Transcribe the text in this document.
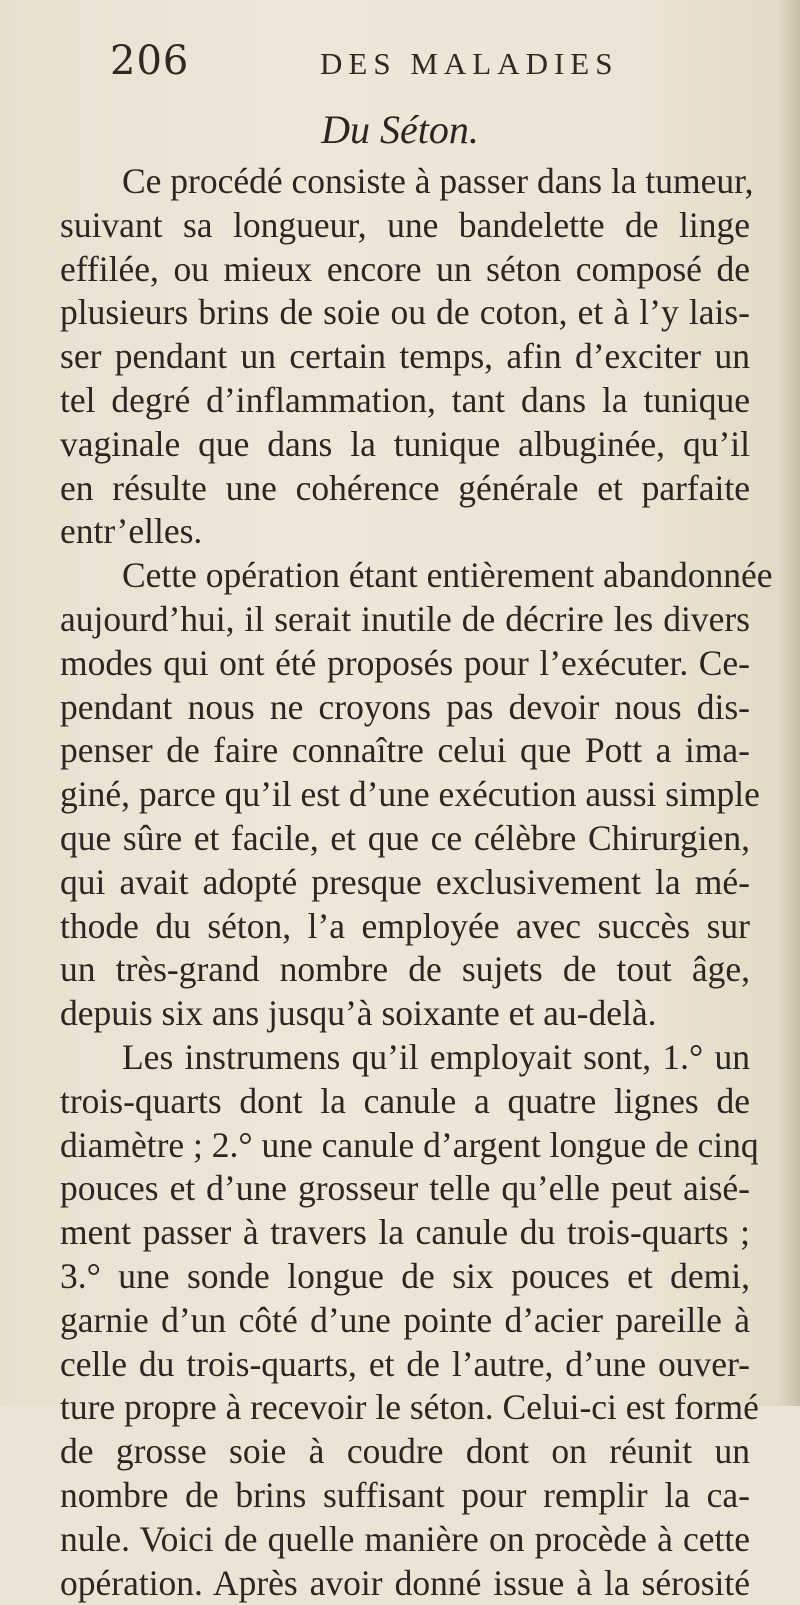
206	DES MALADIES
Du Séton.
Ce procédé consiste à passer dans la tumeur,
suivant sa longueur, une bandelette de linge
effilée, ou mieux encore un séton composé de
plusieurs brins de soie ou de coton, et à l’y lais-
ser pendant un certain temps, afin d’exciter un
tel degré d’inflammation, tant dans la tunique
vaginale que dans la tunique albuginée, qu’il
en résulte une cohérence générale et parfaite
entr’elles.
Cette opération étant entièrement abandonnée
aujourd’hui, il serait inutile de décrire les divers
modes qui ont été proposés pour l’exécuter. Ce-
pendant nous ne croyons pas devoir nous dis-
penser de faire connaître celui que Pott a ima-
giné, parce qu’il est d’une exécution aussi simple
que sûre et facile, et que ce célèbre Chirurgien,
qui avait adopté presque exclusivement la mé-
thode du séton, l’a employée avec succès sur
un très-grand nombre de sujets de tout âge,
depuis six ans jusqu’à soixante et au-delà.
Les instrumens qu’il employait sont, 1.° un
trois-quarts dont la canule a quatre lignes de
diamètre ; 2.° une canule d’argent longue de cinq
pouces et d’une grosseur telle qu’elle peut aisé-
ment passer à travers la canule du trois-quarts ;
3.° une sonde longue de six pouces et demi,
garnie d’un côté d’une pointe d’acier pareille à
celle du trois-quarts, et de l’autre, d’une ouver-
ture propre à recevoir le séton. Celui-ci est formé
de grosse soie à coudre dont on réunit un
nombre de brins suffisant pour remplir la ca-
nule. Voici de quelle manière on procède à cette
opération. Après avoir donné issue à la sérosité
